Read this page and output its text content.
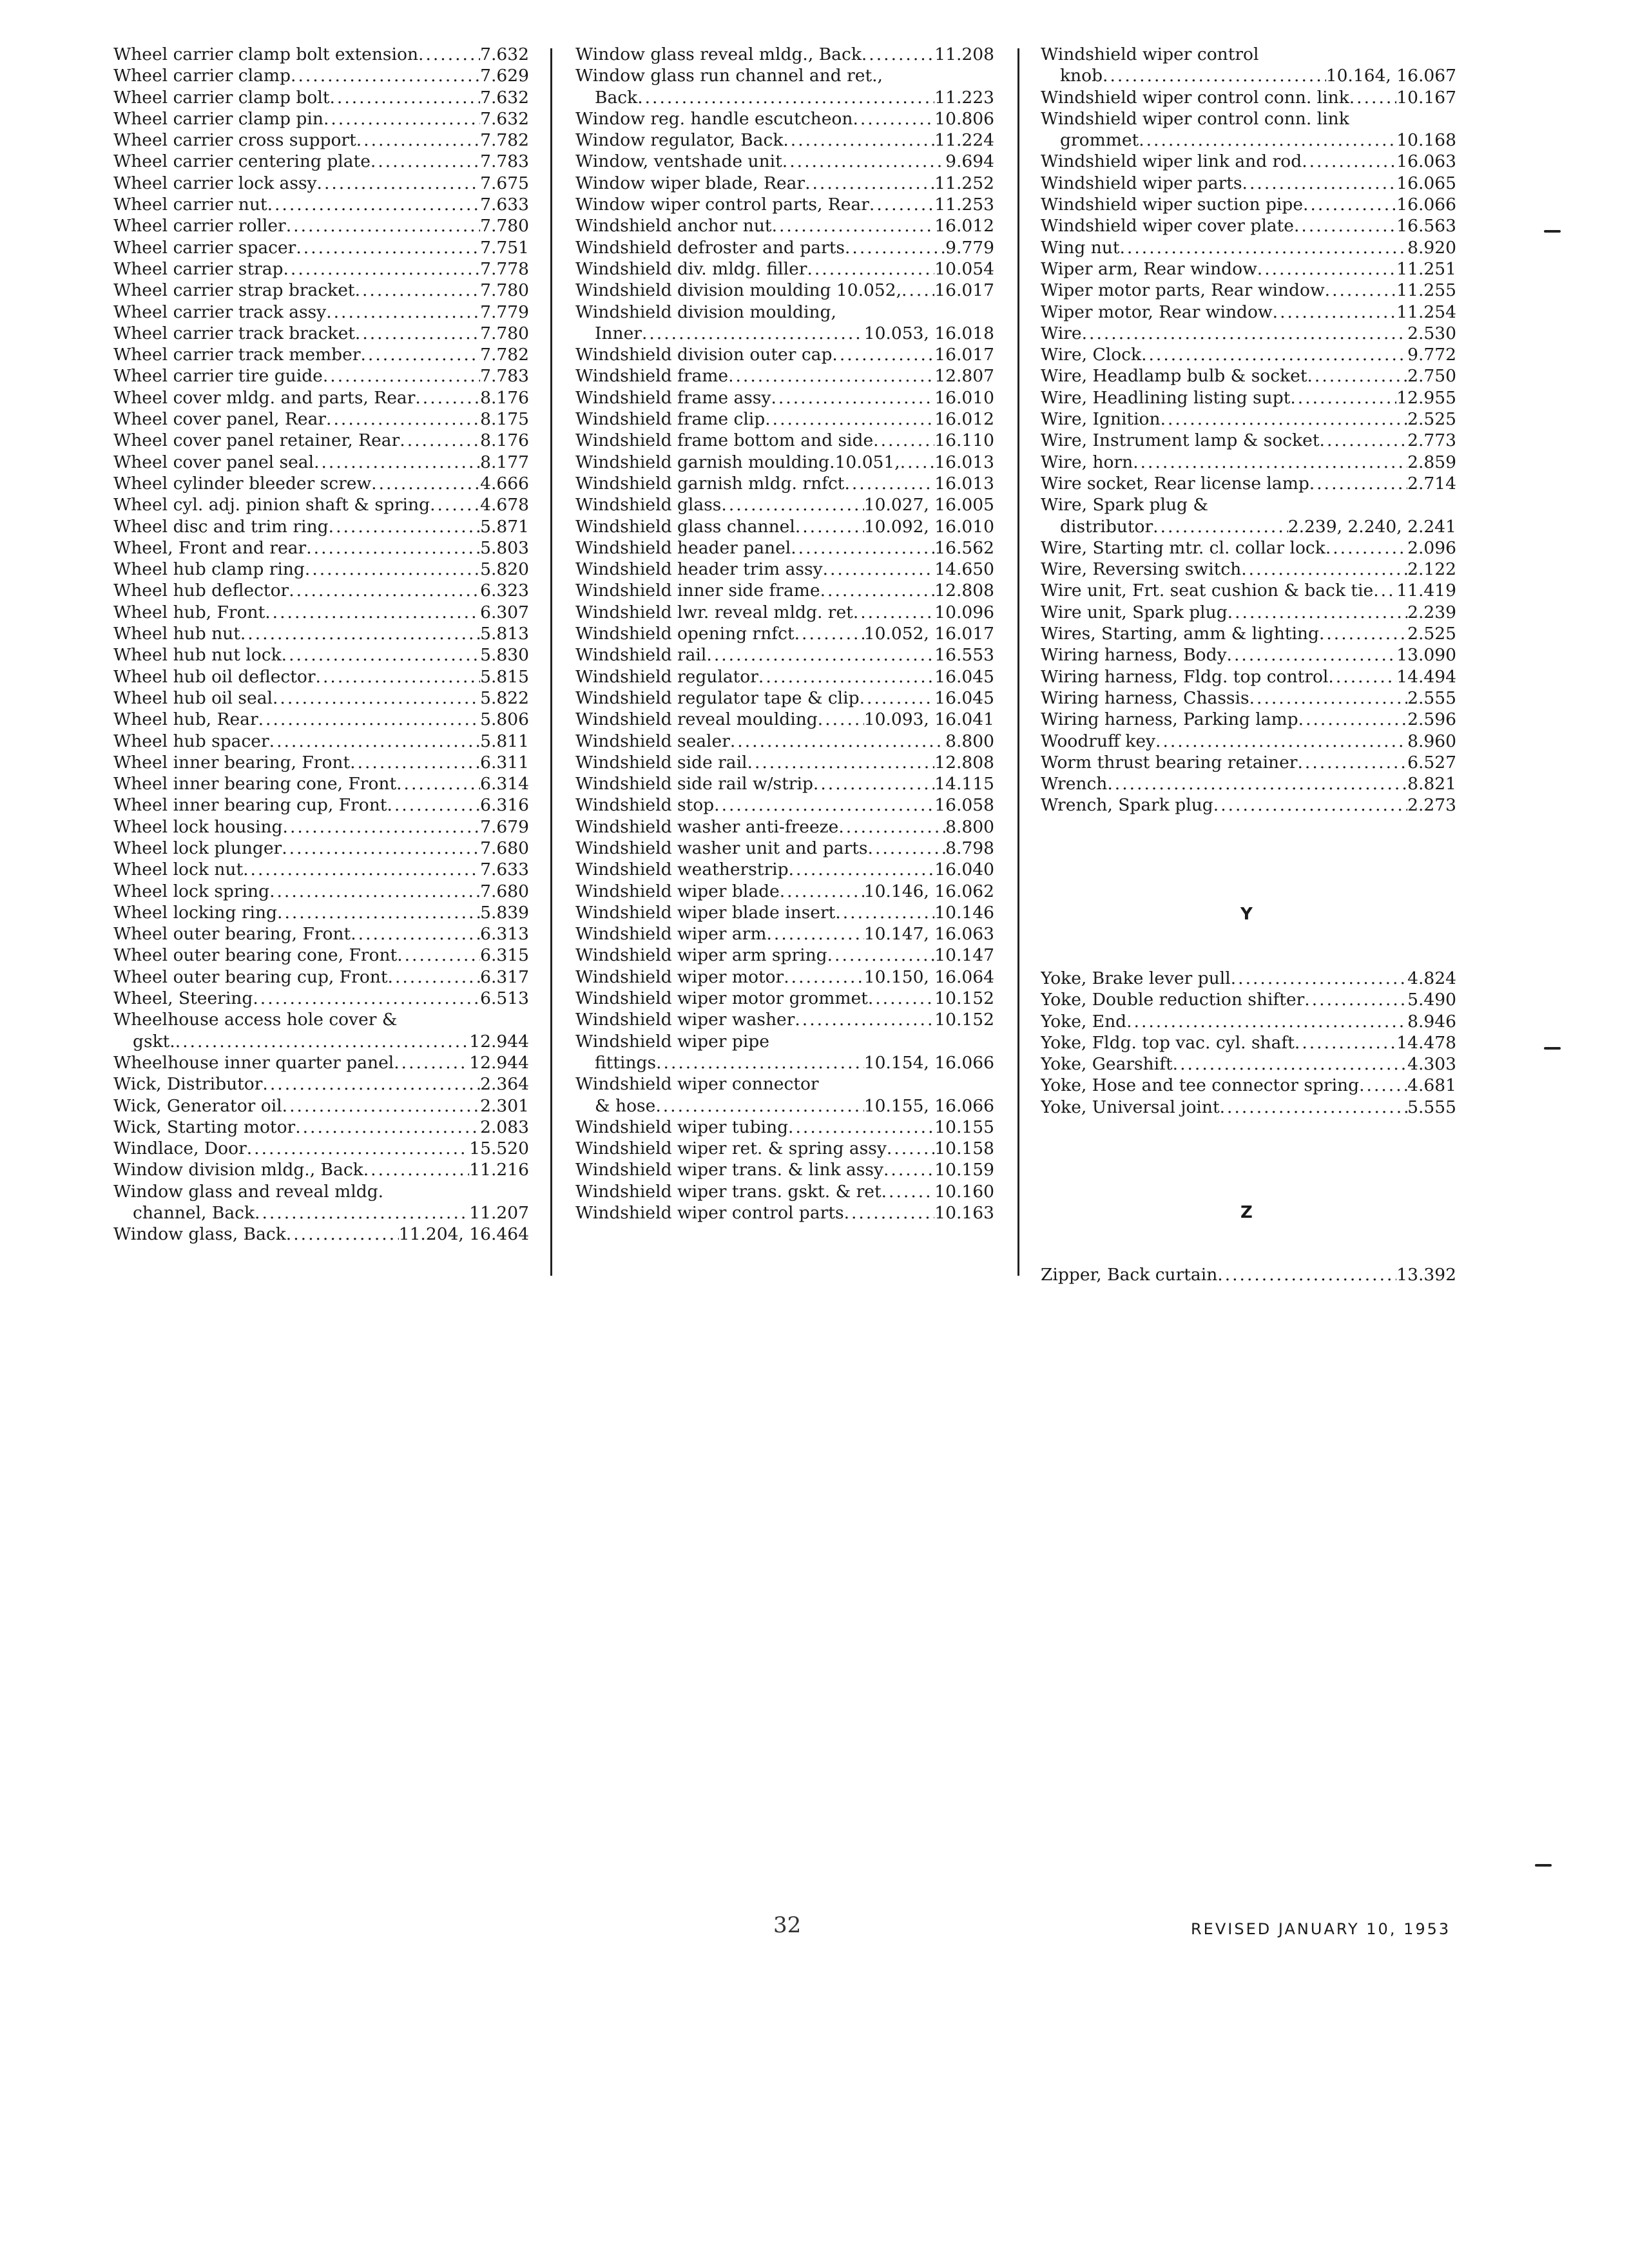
Wheel carrier clamp bolt extension .....	7.632
Wheel carrier clamp .....	7.629
Wheel carrier clamp bolt .....	7.632
Wheel carrier clamp pin .....	7.632
Wheel carrier cross support .....	7.782
Wheel carrier centering plate .....	7.783
Wheel carrier lock assy .....	7.675
Wheel carrier nut .....	7.633
Wheel carrier roller .....	7.780
Wheel carrier spacer .....	7.751
Wheel carrier strap .....	7.778
Wheel carrier strap bracket .....	7.780
Wheel carrier track assy .....	7.779
Wheel carrier track bracket .....	7.780
Wheel carrier track member .....	7.782
Wheel carrier tire guide .....	7.783
Wheel cover mldg. and parts, Rear .....	8.176
Wheel cover panel, Rear .....	8.175
Wheel cover panel retainer, Rear .....	8.176
Wheel cover panel seal .....	8.177
Wheel cylinder bleeder screw .....	4.666
Wheel cyl. adj. pinion shaft & spring .....	4.678
Wheel disc and trim ring .....	5.871
Wheel, Front and rear .....	5.803
Wheel hub clamp ring .....	5.820
Wheel hub deflector .....	6.323
Wheel hub, Front .....	6.307
Wheel hub nut .....	5.813
Wheel hub nut lock .....	5.830
Wheel hub oil deflector .....	5.815
Wheel hub oil seal .....	5.822
Wheel hub, Rear .....	5.806
Wheel hub spacer .....	5.811
Wheel inner bearing, Front .....	6.311
Wheel inner bearing cone, Front .....	6.314
Wheel inner bearing cup, Front .....	6.316
Wheel lock housing .....	7.679
Wheel lock plunger .....	7.680
Wheel lock nut .....	7.633
Wheel lock spring .....	7.680
Wheel locking ring .....	5.839
Wheel outer bearing, Front .....	6.313
Wheel outer bearing cone, Front .....	6.315
Wheel outer bearing cup, Front .....	6.317
Wheel, Steering .....	6.513
Wheelhouse access hole cover &
gskt. .....	12.944
Wheelhouse inner quarter panel .....	12.944
Wick, Distributor .....	2.364
Wick, Generator oil .....	2.301
Wick, Starting motor .....	2.083
Windlace, Door .....	15.520
Window division mldg., Back .....	11.216
Window glass and reveal mldg.
channel, Back .....	11.207
Window glass, Back .....	11.204, 16.464
Window glass reveal mldg., Back .....	11.208
Window glass run channel and ret.,
Back .....	11.223
Window reg. handle escutcheon .....	10.806
Window regulator, Back .....	11.224
Window, ventshade unit .....	9.694
Window wiper blade, Rear .....	11.252
Window wiper control parts, Rear .....	11.253
Windshield anchor nut .....	16.012
Windshield defroster and parts .....	9.779
Windshield div. mldg. filler .....	10.054
Windshield division moulding 10.052, ..... 16.017
Windshield division moulding,
Inner .....	10.053, 16.018
Windshield division outer cap .....	16.017
Windshield frame .....	12.807
Windshield frame assy .....	16.010
Windshield frame clip .....	16.012
Windshield frame bottom and side .....	16.110
Windshield garnish moulding.10.051, ..... 16.013
Windshield garnish mldg. rnfct .....	16.013
Windshield glass .....	10.027, 16.005
Windshield glass channel .....	10.092, 16.010
Windshield header panel .....	16.562
Windshield header trim assy .....	14.650
Windshield inner side frame .....	12.808
Windshield lwr. reveal mldg. ret .....	10.096
Windshield opening rnfct .....	10.052, 16.017
Windshield rail .....	16.553
Windshield regulator .....	16.045
Windshield regulator tape & clip .....	16.045
Windshield reveal moulding .....	10.093, 16.041
Windshield sealer .....	8.800
Windshield side rail .....	12.808
Windshield side rail w/strip .....	14.115
Windshield stop .....	16.058
Windshield washer anti-freeze .....	8.800
Windshield washer unit and parts .....	8.798
Windshield weatherstrip .....	16.040
Windshield wiper blade .....	10.146, 16.062
Windshield wiper blade insert .....	10.146
Windshield wiper arm .....	10.147, 16.063
Windshield wiper arm spring .....	10.147
Windshield wiper motor .....	10.150, 16.064
Windshield wiper motor grommet .....	10.152
Windshield wiper washer .....	10.152
Windshield wiper pipe
fittings .....	10.154, 16.066
Windshield wiper connector
& hose .....	10.155, 16.066
Windshield wiper tubing .....	10.155
Windshield wiper ret. & spring assy .....	10.158
Windshield wiper trans. & link assy .....	10.159
Windshield wiper trans. gskt. & ret .....	10.160
Windshield wiper control parts .....	10.163
Windshield wiper control
knob .....	10.164, 16.067
Windshield wiper control conn. link .....	10.167
Windshield wiper control conn. link
grommet .....	10.168
Windshield wiper link and rod .....	16.063
Windshield wiper parts .....	16.065
Windshield wiper suction pipe .....	16.066
Windshield wiper cover plate .....	16.563
Wing nut .....	8.920
Wiper arm, Rear window .....	11.251
Wiper motor parts, Rear window .....	11.255
Wiper motor, Rear window .....	11.254
Wire .....	2.530
Wire, Clock .....	9.772
Wire, Headlamp bulb & socket .....	2.750
Wire, Headlining listing supt .....	12.955
Wire, Ignition .....	2.525
Wire, Instrument lamp & socket .....	2.773
Wire, horn .....	2.859
Wire socket, Rear license lamp .....	2.714
Wire, Spark plug &
distributor .....	2.239, 2.240, 2.241
Wire, Starting mtr. cl. collar lock .....	2.096
Wire, Reversing switch .....	2.122
Wire unit, Frt. seat cushion & back tie ..... 11.419
Wire unit, Spark plug .....	2.239
Wires, Starting, amm & lighting .....	2.525
Wiring harness, Body .....	13.090
Wiring harness, Fldg. top control .....	14.494
Wiring harness, Chassis .....	2.555
Wiring harness, Parking lamp .....	2.596
Woodruff key .....	8.960
Worm thrust bearing retainer .....	6.527
Wrench .....	8.821
Wrench, Spark plug .....	2.273
Y
Yoke, Brake lever pull .....	4.824
Yoke, Double reduction shifter .....	5.490
Yoke, End .....	8.946
Yoke, Fldg. top vac. cyl. shaft .....	14.478
Yoke, Gearshift .....	4.303
Yoke, Hose and tee connector spring .....	4.681
Yoke, Universal joint .....	5.555
Z
Zipper, Back curtain .....	13.392
32	REVISED JANUARY 10, 1953
